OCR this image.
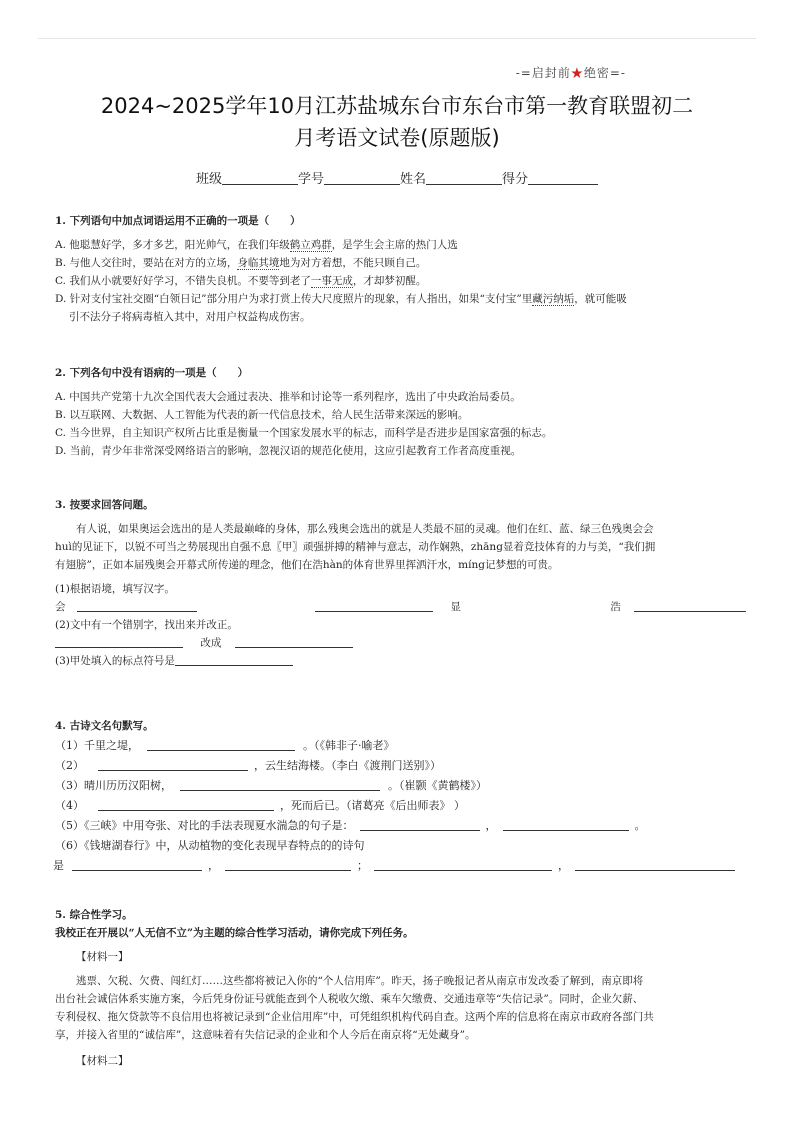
-=启封前★绝密=-
2024~2025学年10月江苏盐城东台市东台市第一教育联盟初二
月考语文试卷(原题版)
班级	学号	姓名	得分
1. 下列语句中加点词语运用不正确的一项是（　　）

A. 他聪慧好学，多才多艺，阳光帅气，在我们年级鹤立鸡群，是学生会主席的热门人选

B. 与他人交往时，要站在对方的立场，身临其境地为对方着想，不能只顾自己。

C. 我们从小就要好好学习，不错失良机。不要等到老了一事无成，才却梦初醒。

D. 针对支付宝社交圈“白领日记”部分用户为求打赏上传大尺度照片的现象，有人指出，如果“支付宝”里藏污纳垢，就可能吸

引不法分子将病毒植入其中，对用户权益构成伤害。

2. 下列各句中没有语病的一项是（　　）

A. 中国共产党第十九次全国代表大会通过表决、推举和讨论等一系列程序，选出了中央政治局委员。

B. 以互联网、大数据、人工智能为代表的新一代信息技术，给人民生活带来深远的影响。

C. 当今世界，自主知识产权所占比重是衡量一个国家发展水平的标志，而科学是否进步是国家富强的标志。

D. 当前，青少年非常深受网络语言的影响，忽视汉语的规范化使用，这应引起教育工作者高度重视。

3. 按要求回答问题。

有人说，如果奥运会选出的是人类最巅峰的身体，那么残奥会选出的就是人类最不屈的灵魂。他们在红、蓝、绿三色残奥会会

huì的见证下，以锐不可当之势展现出自强不息〖甲〗顽强拼搏的精神与意志，动作娴熟，zhāng显着竞技体育的力与美，“我们拥

有翅膀”，正如本届残奥会开幕式所传递的理念，他们在浩hàn的体育世界里挥洒汗水，míng记梦想的可贵。

(1)根据语境，填写汉字。

会	显	浩

(2)文中有一个错别字，找出来并改正。

改成
(3)甲处填入的标点符号是
4. 古诗文名句默写。
（1）千里之堤，	。（《韩非子·喻老》
（2）	，云生结海楼。（李白《渡荆门送别》）
（3）晴川历历汉阳树，	。（崔颢《黄鹤楼》）
（4）	，死而后已。（诸葛亮《后出师表》 ）
（5）《三峡》中用夸张、对比的手法表现夏水湍急的句子是：	，	。
（6）《钱塘湖春行》中，从动植物的变化表现早春特点的的诗句
是	，	；	，
5. 综合性学习。
我校正在开展以“人无信不立”为主题的综合性学习活动，请你完成下列任务。

【材料一】

逃票、欠税、欠费、闯红灯……这些都将被记入你的“个人信用库”。昨天，扬子晚报记者从南京市发改委了解到，南京即将

出台社会诚信体系实施方案，今后凭身份证号就能查到个人税收欠缴、乘车欠缴费、交通违章等“失信记录”。同时，企业欠薪、

专利侵权、拖欠贷款等不良信用也将被记录到“企业信用库”中，可凭组织机构代码自查。这两个库的信息将在南京市政府各部门共

享，并接入省里的“诚信库”，这意味着有失信记录的企业和个人今后在南京将“无处藏身”。

【材料二】
